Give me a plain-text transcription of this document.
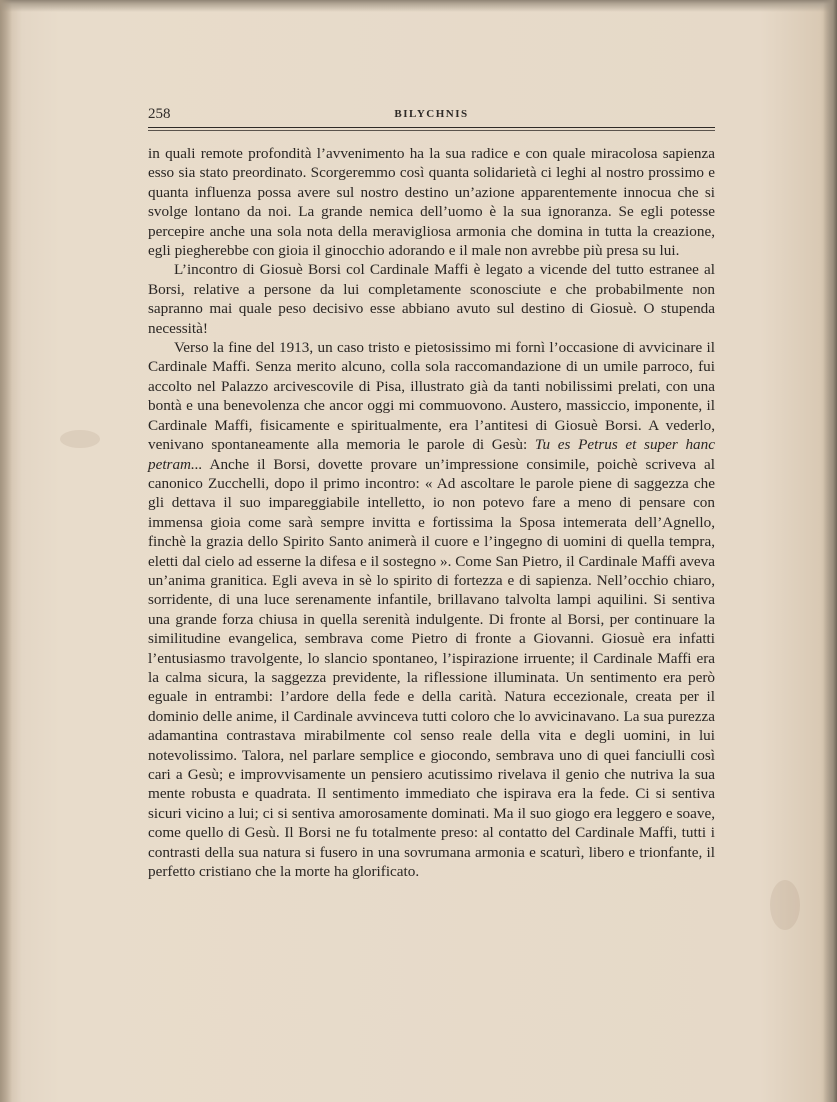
258	BILYCHNIS

in quali remote profondità l’avvenimento ha la sua radice e con quale miracolosa sapienza esso sia stato preordinato. Scorgeremmo così quanta solidarietà ci leghi al nostro prossimo e quanta influenza possa avere sul nostro destino un’azione apparentemente innocua che si svolge lontano da noi. La grande nemica dell’uomo è la sua ignoranza. Se egli potesse percepire anche una sola nota della meravigliosa armonia che domina in tutta la creazione, egli piegherebbe con gioia il ginocchio adorando e il male non avrebbe più presa su lui.

L’incontro di Giosuè Borsi col Cardinale Maffi è legato a vicende del tutto estranee al Borsi, relative a persone da lui completamente sconosciute e che probabilmente non sapranno mai quale peso decisivo esse abbiano avuto sul destino di Giosuè. O stupenda necessità!

Verso la fine del 1913, un caso tristo e pietosissimo mi fornì l’occasione di avvicinare il Cardinale Maffi. Senza merito alcuno, colla sola raccomandazione di un umile parroco, fui accolto nel Palazzo arcivescovile di Pisa, illustrato già da tanti nobilissimi prelati, con una bontà e una benevolenza che ancor oggi mi commuovono. Austero, massiccio, imponente, il Cardinale Maffi, fisicamente e spiritualmente, era l’antitesi di Giosuè Borsi. A vederlo, venivano spontaneamente alla memoria le parole di Gesù: Tu es Petrus et super hanc petram... Anche il Borsi, dovette provare un’impressione consimile, poichè scriveva al canonico Zucchelli, dopo il primo incontro: « Ad ascoltare le parole piene di saggezza che gli dettava il suo impareggiabile intelletto, io non potevo fare a meno di pensare con immensa gioia come sarà sempre invitta e fortissima la Sposa intemerata dell’Agnello, finchè la grazia dello Spirito Santo animerà il cuore e l’ingegno di uomini di quella tempra, eletti dal cielo ad esserne la difesa e il sostegno ». Come San Pietro, il Cardinale Maffi aveva un’anima granitica. Egli aveva in sè lo spirito di fortezza e di sapienza. Nell’occhio chiaro, sorridente, di una luce serenamente infantile, brillavano talvolta lampi aquilini. Si sentiva una grande forza chiusa in quella serenità indulgente. Di fronte al Borsi, per continuare la similitudine evangelica, sembrava come Pietro di fronte a Giovanni. Giosuè era infatti l’entusiasmo travolgente, lo slancio spontaneo, l’ispirazione irruente; il Cardinale Maffi era la calma sicura, la saggezza previdente, la riflessione illuminata. Un sentimento era però eguale in entrambi: l’ardore della fede e della carità. Natura eccezionale, creata per il dominio delle anime, il Cardinale avvinceva tutti coloro che lo avvicinavano. La sua purezza adamantina contrastava mirabilmente col senso reale della vita e degli uomini, in lui notevolissimo. Talora, nel parlare semplice e giocondo, sembrava uno di quei fanciulli così cari a Gesù; e improvvisamente un pensiero acutissimo rivelava il genio che nutriva la sua mente robusta e quadrata. Il sentimento immediato che ispirava era la fede. Ci si sentiva sicuri vicino a lui; ci si sentiva amorosamente dominati. Ma il suo giogo era leggero e soave, come quello di Gesù. Il Borsi ne fu totalmente preso: al contatto del Cardinale Maffi, tutti i contrasti della sua natura si fusero in una sovrumana armonia e scaturì, libero e trionfante, il perfetto cristiano che la morte ha glorificato.
